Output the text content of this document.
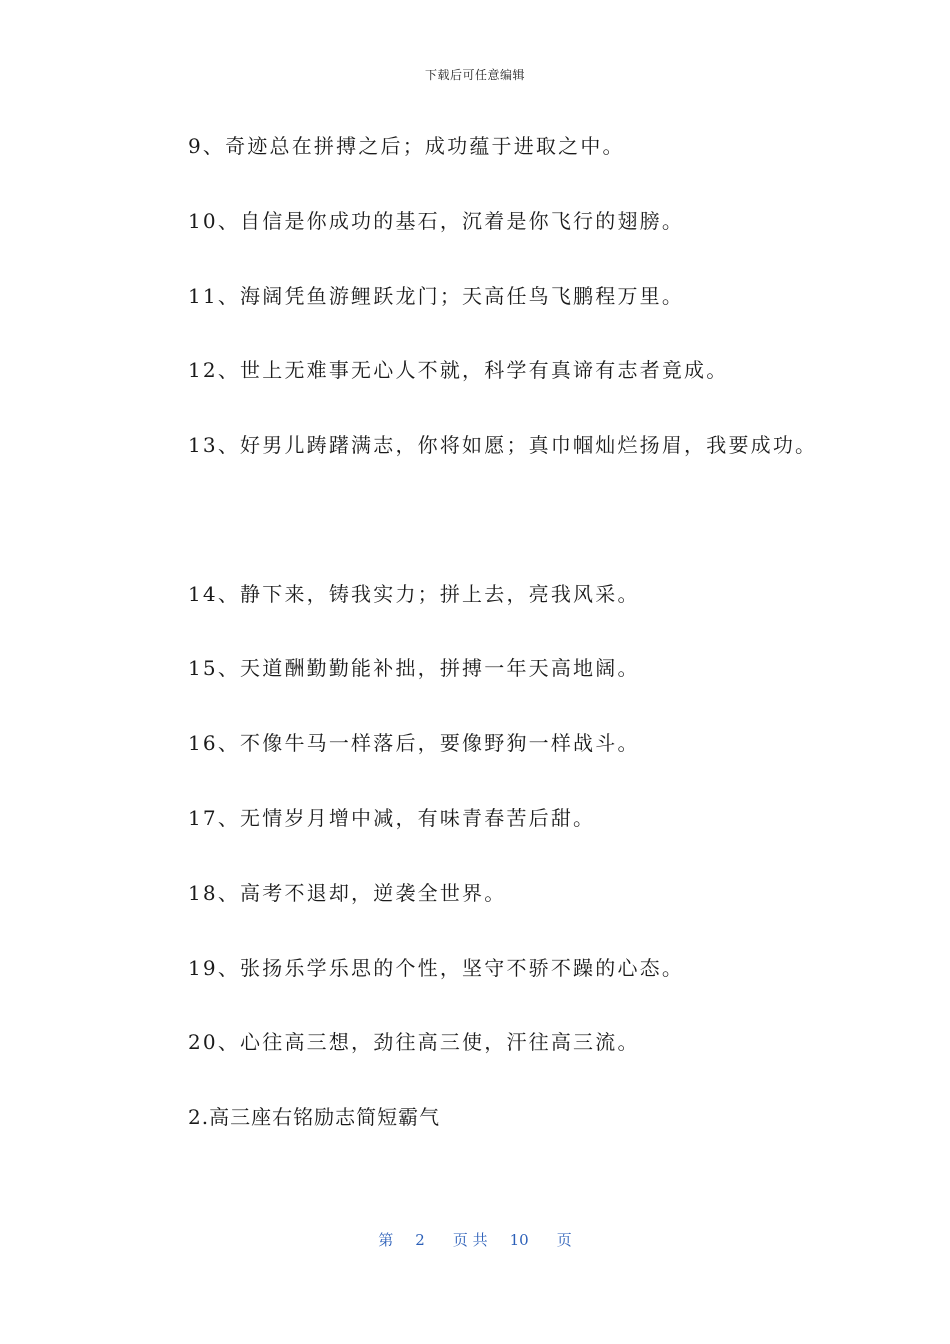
下载后可任意编辑
9、奇迹总在拼搏之后；成功蕴于进取之中。
10、自信是你成功的基石，沉着是你飞行的翅膀。
11、海阔凭鱼游鲤跃龙门；天高任鸟飞鹏程万里。
12、世上无难事无心人不就，科学有真谛有志者竟成。
13、好男儿踌躇满志，你将如愿；真巾帼灿烂扬眉，我要成功。
14、静下来，铸我实力；拼上去，亮我风采。
15、天道酬勤勤能补拙，拼搏一年天高地阔。
16、不像牛马一样落后，要像野狗一样战斗。
17、无情岁月增中减，有味青春苦后甜。
18、高考不退却，逆袭全世界。
19、张扬乐学乐思的个性，坚守不骄不躁的心态。
20、心往高三想，劲往高三使，汗往高三流。
2.高三座右铭励志简短霸气
第 2 页 共 10 页
